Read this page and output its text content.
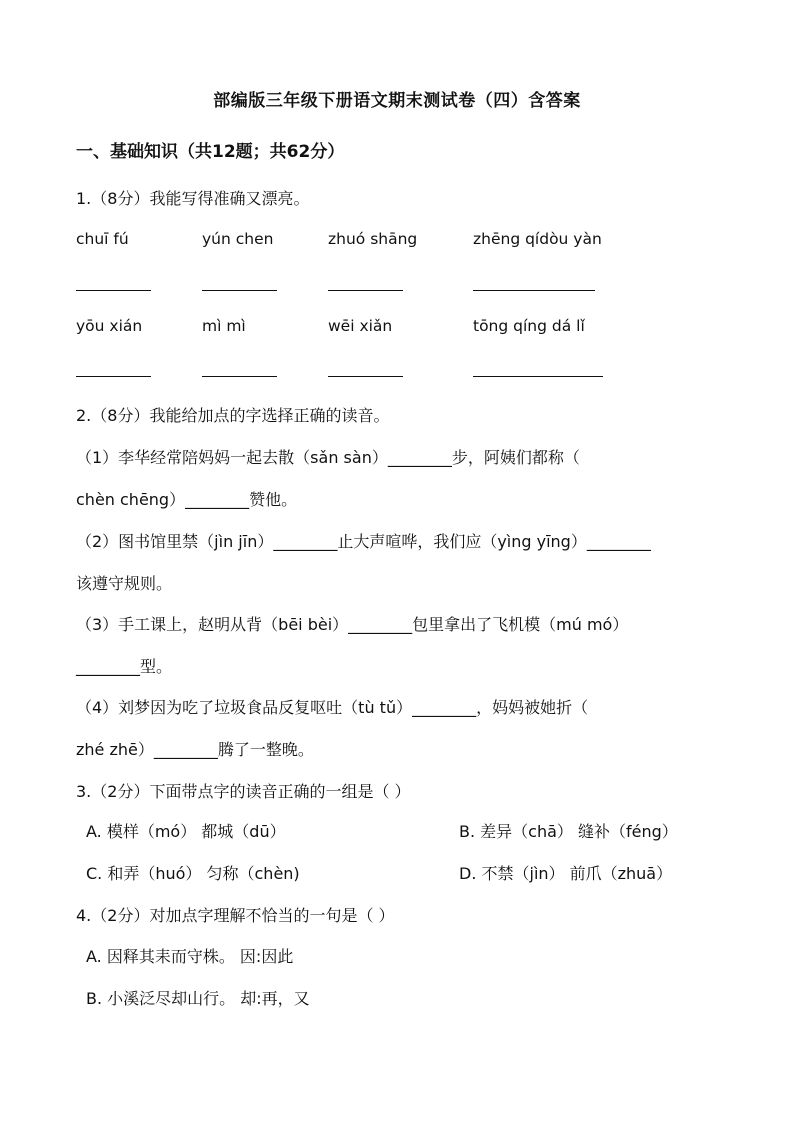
部编版三年级下册语文期末测试卷（四）含答案
一、基础知识（共12题；共62分）
1.（8分）我能写得准确又漂亮。
chuī fú	yún chen	zhuó shāng	zhēng qídòu yàn
yōu xián	mì mì	wēi xiǎn	tōng qíng dá lǐ
2.（8分）我能给加点的字选择正确的读音。
（1）李华经常陪妈妈一起去散（sǎn sàn）________步，阿姨们都称（
chèn chēng）________赞他。
（2）图书馆里禁（jìn jīn）________止大声喧哗，我们应（yìng yīng）________
该遵守规则。
（3）手工课上，赵明从背（bēi bèi）________包里拿出了飞机模（mú mó）
________型。
（4）刘梦因为吃了垃圾食品反复呕吐（tù tǔ）________，妈妈被她折（
zhé zhē）________腾了一整晚。
3.（2分）下面带点字的读音正确的一组是（ ）
A. 模样（mó） 都城（dū）	B. 差异（chā） 缝补（féng）
C. 和弄（huó） 匀称（chèn)	D. 不禁（jìn） 前爪（zhuā）
4.（2分）对加点字理解不恰当的一句是（ ）
A. 因释其耒而守株。 因:因此
B. 小溪泛尽却山行。 却:再，又
